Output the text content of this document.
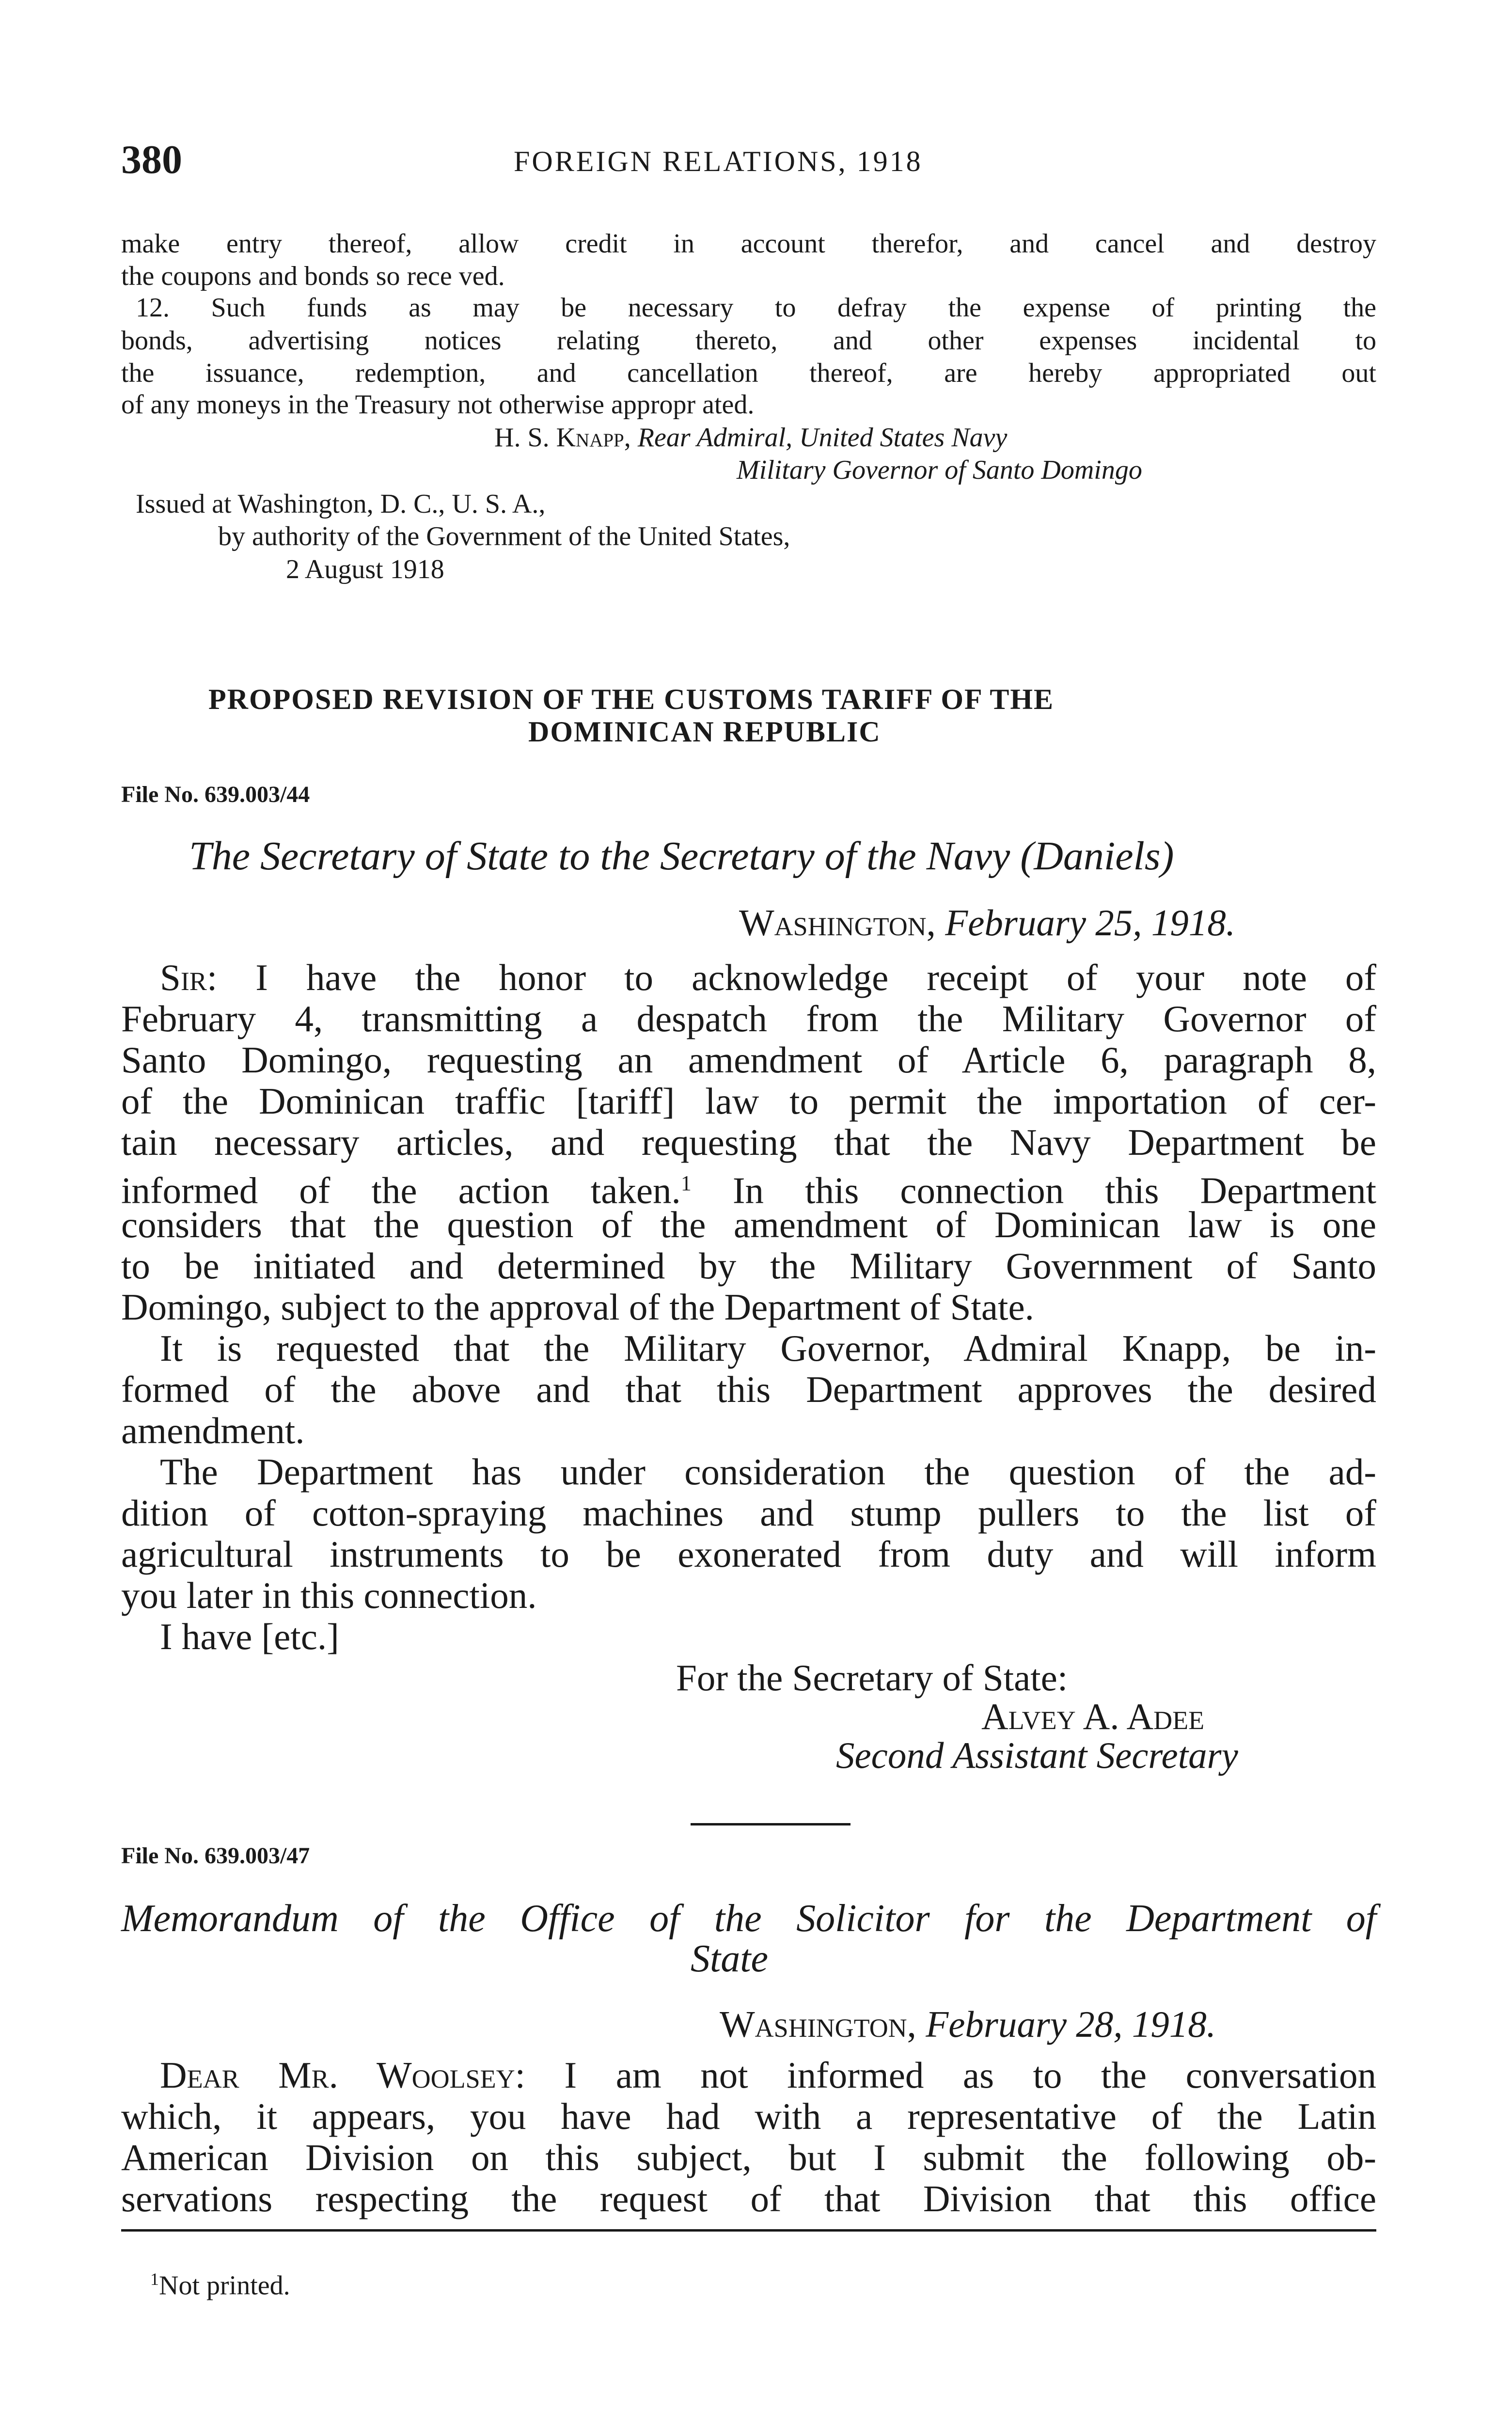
380	FOREIGN RELATIONS, 1918
make entry thereof, allow credit in account therefor, and cancel and destroy
the coupons and bonds so rece ved.
12. Such funds as may be necessary to defray the expense of printing the
bonds, advertising notices relating thereto, and other expenses incidental to
the issuance, redemption, and cancellation thereof, are hereby appropriated out
of any moneys in the Treasury not otherwise appropr ated.
H. S. Knapp, Rear Admiral, United States Navy
Military Governor of Santo Domingo
Issued at Washington, D. C., U. S. A.,
by authority of the Government of the United States,
2 August 1918
PROPOSED REVISION OF THE CUSTOMS TARIFF OF THE
DOMINICAN REPUBLIC
File No. 639.003/44
The Secretary of State to the Secretary of the Navy (Daniels)
Washington, February 25, 1918.
Sir: I have the honor to acknowledge receipt of your note of
February 4, transmitting a despatch from the Military Governor of
Santo Domingo, requesting an amendment of Article 6, paragraph 8,
of the Dominican traffic [tariff] law to permit the importation of cer-
tain necessary articles, and requesting that the Navy Department be
informed of the action taken.$^1$ In this connection this Department
considers that the question of the amendment of Dominican law is one
to be initiated and determined by the Military Government of Santo
Domingo, subject to the approval of the Department of State.
It is requested that the Military Governor, Admiral Knapp, be in-
formed of the above and that this Department approves the desired
amendment.
The Department has under consideration the question of the ad-
dition of cotton-spraying machines and stump pullers to the list of
agricultural instruments to be exonerated from duty and will inform
you later in this connection.
I have [etc.]
For the Secretary of State:
Alvey A. Adee
Second Assistant Secretary
File No. 639.003/47
Memorandum of the Office of the Solicitor for the Department of
State
Washington, February 28, 1918.
Dear Mr. Woolsey: I am not informed as to the conversation
which, it appears, you have had with a representative of the Latin
American Division on this subject, but I submit the following ob-
servations respecting the request of that Division that this office
$^1$Not printed.
